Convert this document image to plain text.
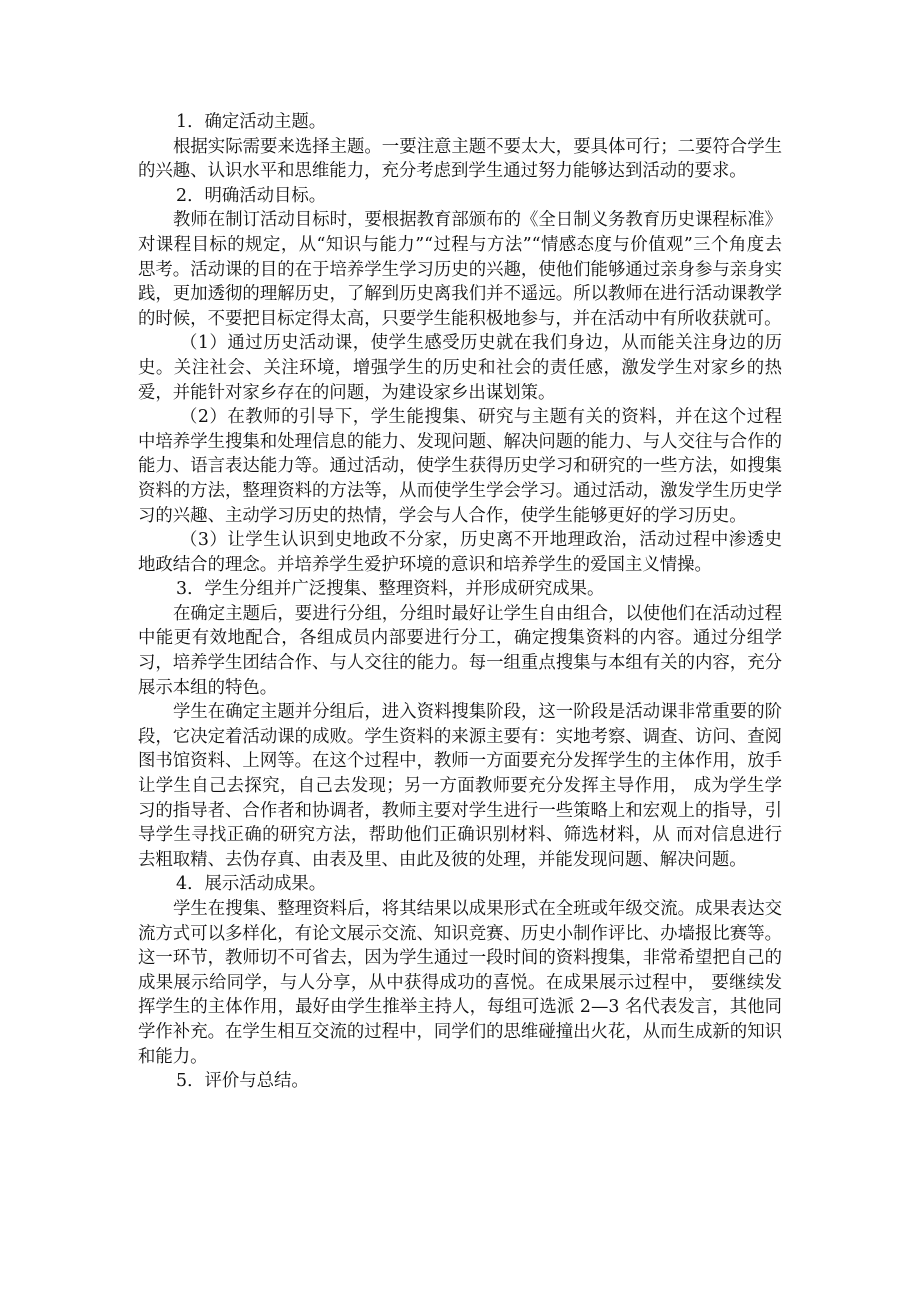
1．确定活动主题。

根据实际需要来选择主题。一要注意主题不要太大，要具体可行；二要符合学生的兴趣、认识水平和思维能力，充分考虑到学生通过努力能够达到活动的要求。

2．明确活动目标。

教师在制订活动目标时，要根据教育部颁布的《全日制义务教育历史课程标准》对课程目标的规定，从“知识与能力”“过程与方法”“情感态度与价值观”三个角度去思考。活动课的目的在于培养学生学习历史的兴趣，使他们能够通过亲身参与亲身实践，更加透彻的理解历史，了解到历史离我们并不遥远。所以教师在进行活动课教学的时候，不要把目标定得太高，只要学生能积极地参与，并在活动中有所收获就可。

（1）通过历史活动课，使学生感受历史就在我们身边，从而能关注身边的历史。关注社会、关注环境，增强学生的历史和社会的责任感，激发学生对家乡的热爱，并能针对家乡存在的问题，为建设家乡出谋划策。

（2）在教师的引导下，学生能搜集、研究与主题有关的资料，并在这个过程中培养学生搜集和处理信息的能力、发现问题、解决问题的能力、与人交往与合作的能力、语言表达能力等。通过活动，使学生获得历史学习和研究的一些方法，如搜集资料的方法，整理资料的方法等，从而使学生学会学习。通过活动，激发学生历史学习的兴趣、主动学习历史的热情，学会与人合作，使学生能够更好的学习历史。

（3）让学生认识到史地政不分家，历史离不开地理政治，活动过程中渗透史地政结合的理念。并培养学生爱护环境的意识和培养学生的爱国主义情操。

3．学生分组并广泛搜集、整理资料，并形成研究成果。

在确定主题后，要进行分组，分组时最好让学生自由组合，以使他们在活动过程中能更有效地配合，各组成员内部要进行分工，确定搜集资料的内容。通过分组学习，培养学生团结合作、与人交往的能力。每一组重点搜集与本组有关的内容，充分展示本组的特色。

学生在确定主题并分组后，进入资料搜集阶段，这一阶段是活动课非常重要的阶段，它决定着活动课的成败。学生资料的来源主要有：实地考察、调查、访问、查阅图书馆资料、上网等。在这个过程中，教师一方面要充分发挥学生的主体作用，放手让学生自己去探究，自己去发现；另一方面教师要充分发挥主导作用， 成为学生学习的指导者、合作者和协调者，教师主要对学生进行一些策略上和宏观上的指导，引导学生寻找正确的研究方法，帮助他们正确识别材料、筛选材料，从 而对信息进行去粗取精、去伪存真、由表及里、由此及彼的处理，并能发现问题、解决问题。

4．展示活动成果。

学生在搜集、整理资料后，将其结果以成果形式在全班或年级交流。成果表达交流方式可以多样化，有论文展示交流、知识竞赛、历史小制作评比、办墙报比赛等。这一环节，教师切不可省去，因为学生通过一段时间的资料搜集，非常希望把自己的成果展示给同学，与人分享，从中获得成功的喜悦。在成果展示过程中， 要继续发挥学生的主体作用，最好由学生推举主持人，每组可选派 2—3 名代表发言，其他同学作补充。在学生相互交流的过程中，同学们的思维碰撞出火花，从而生成新的知识和能力。

5．评价与总结。
